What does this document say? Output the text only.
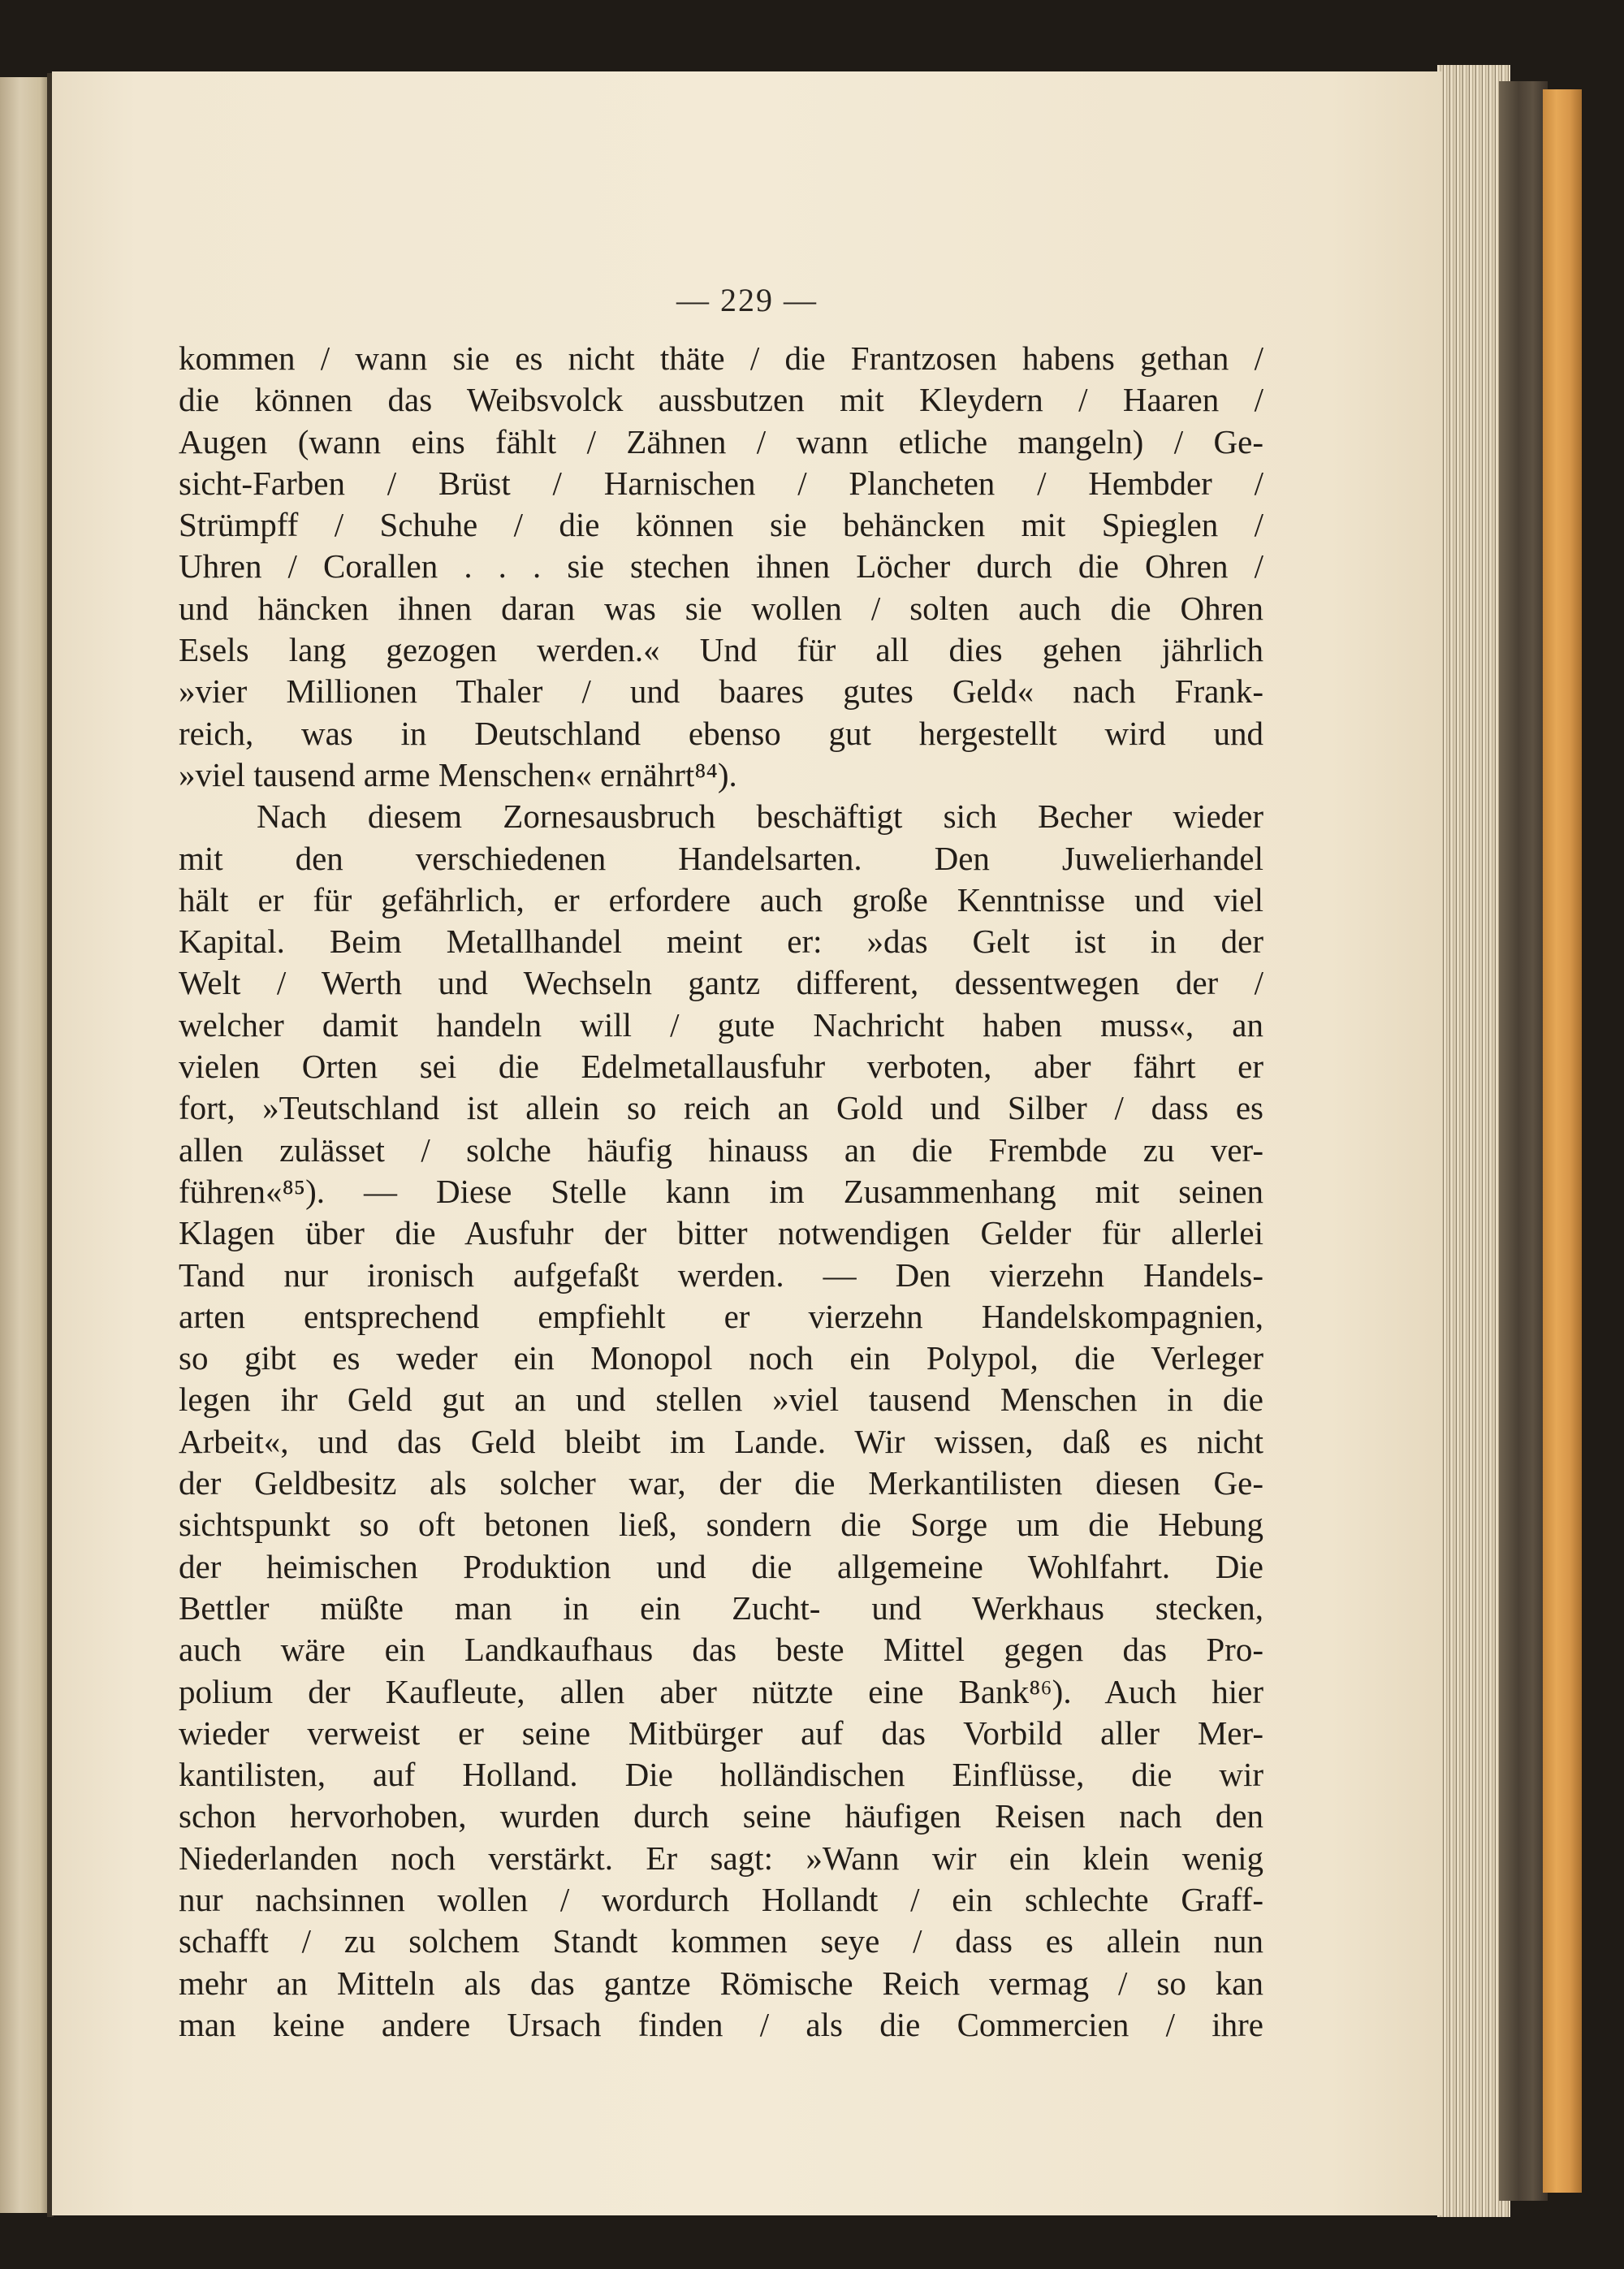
— 229 —
kommen / wann sie es nicht thäte / die Frantzosen habens gethan /
die können das Weibsvolck aussbutzen mit Kleydern / Haaren /
Augen (wann eins fählt / Zähnen / wann etliche mangeln) / Ge-
sicht-Farben / Brüst / Harnischen / Plancheten / Hembder /
Strümpff / Schuhe / die können sie behäncken mit Spieglen /
Uhren / Corallen . . . sie stechen ihnen Löcher durch die Ohren /
und häncken ihnen daran was sie wollen / solten auch die Ohren
Esels lang gezogen werden.« Und für all dies gehen jährlich
»vier Millionen Thaler / und baares gutes Geld« nach Frank-
reich, was in Deutschland ebenso gut hergestellt wird und
»viel tausend arme Menschen« ernährt⁸⁴).
Nach diesem Zornesausbruch beschäftigt sich Becher wieder
mit den verschiedenen Handelsarten. Den Juwelierhandel
hält er für gefährlich, er erfordere auch große Kenntnisse und viel
Kapital. Beim Metallhandel meint er: »das Gelt ist in der
Welt / Werth und Wechseln gantz different, dessentwegen der /
welcher damit handeln will / gute Nachricht haben muss«, an
vielen Orten sei die Edelmetallausfuhr verboten, aber fährt er
fort, »Teutschland ist allein so reich an Gold und Silber / dass es
allen zulässet / solche häufig hinauss an die Frembde zu ver-
führen«⁸⁵). — Diese Stelle kann im Zusammenhang mit seinen
Klagen über die Ausfuhr der bitter notwendigen Gelder für allerlei
Tand nur ironisch aufgefaßt werden. — Den vierzehn Handels-
arten entsprechend empfiehlt er vierzehn Handelskompagnien,
so gibt es weder ein Monopol noch ein Polypol, die Verleger
legen ihr Geld gut an und stellen »viel tausend Menschen in die
Arbeit«, und das Geld bleibt im Lande. Wir wissen, daß es nicht
der Geldbesitz als solcher war, der die Merkantilisten diesen Ge-
sichtspunkt so oft betonen ließ, sondern die Sorge um die Hebung
der heimischen Produktion und die allgemeine Wohlfahrt. Die
Bettler müßte man in ein Zucht- und Werkhaus stecken,
auch wäre ein Landkaufhaus das beste Mittel gegen das Pro-
polium der Kaufleute, allen aber nützte eine Bank⁸⁶). Auch hier
wieder verweist er seine Mitbürger auf das Vorbild aller Mer-
kantilisten, auf Holland. Die holländischen Einflüsse, die wir
schon hervorhoben, wurden durch seine häufigen Reisen nach den
Niederlanden noch verstärkt. Er sagt: »Wann wir ein klein wenig
nur nachsinnen wollen / wordurch Hollandt / ein schlechte Graff-
schafft / zu solchem Standt kommen seye / dass es allein nun
mehr an Mitteln als das gantze Römische Reich vermag / so kan
man keine andere Ursach finden / als die Commercien / ihre
